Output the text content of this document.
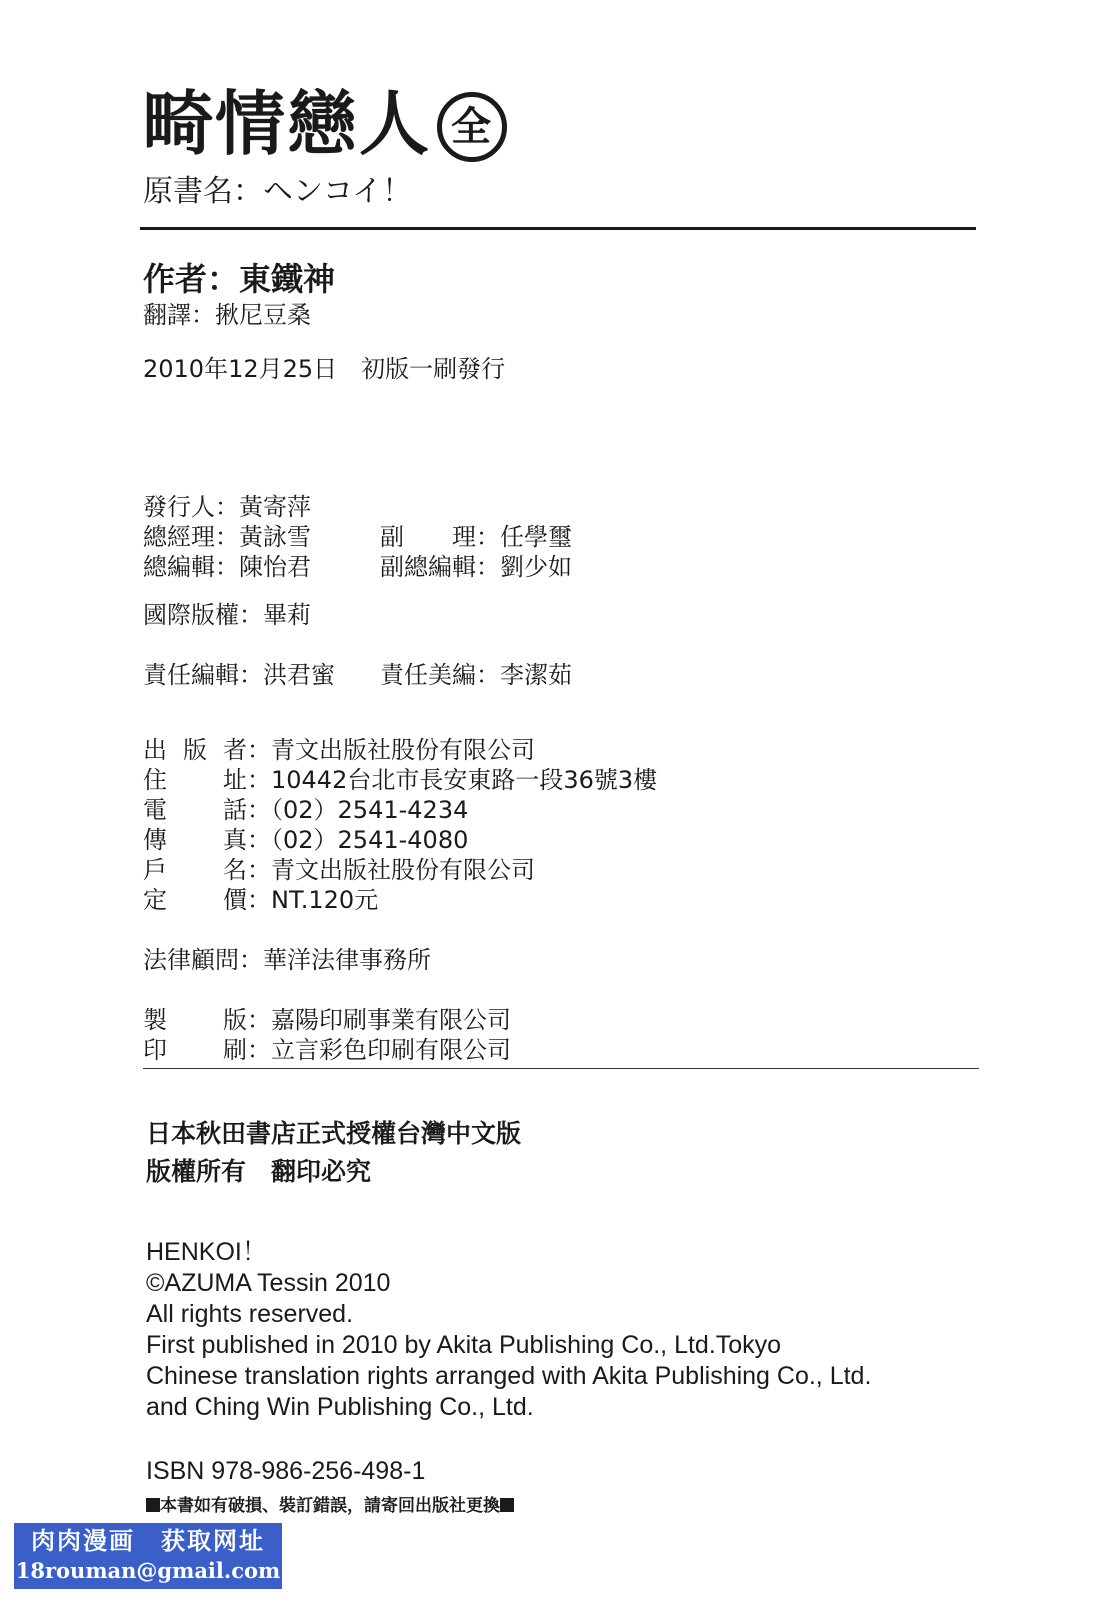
畸情戀人 全
原書名：ヘンコイ！
作者：東鐵神
翻譯：揪尼豆桑
2010年12月25日　初版一刷發行
發行人：黃寄萍
總經理：黃詠雪	副　　理：任學璽
總編輯：陳怡君	副總編輯：劉少如
國際版權：畢莉
責任編輯：洪君蜜 責任美編：李潔茹
出版者：青文出版社股份有限公司
住址：10442台北市長安東路一段36號3樓
電話：（02）2541-4234
傳真：（02）2541-4080
戶名：青文出版社股份有限公司
定價：NT.120元
法律顧問：華洋法律事務所
製版：嘉陽印刷事業有限公司
印刷：立言彩色印刷有限公司
日本秋田書店正式授權台灣中文版
版權所有　翻印必究
HENKOI！
©AZUMA Tessin 2010
All rights reserved.
First published in 2010 by Akita Publishing Co., Ltd.Tokyo
Chinese translation rights arranged with Akita Publishing Co., Ltd.
and Ching Win Publishing Co., Ltd.
ISBN 978-986-256-498-1
本書如有破損、裝訂錯誤，請寄回出版社更換
肉肉漫画　获取网址
18rouman@gmail.com
